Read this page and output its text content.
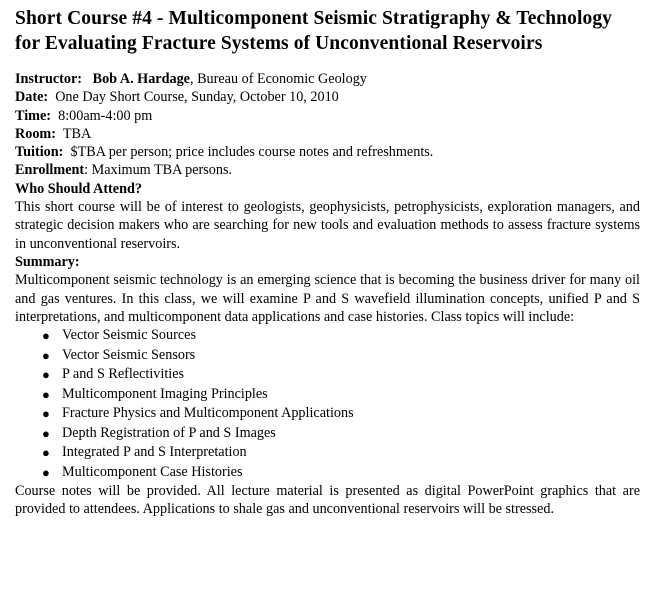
Short Course #4 - Multicomponent Seismic Stratigraphy & Technology for Evaluating Fracture Systems of Unconventional Reservoirs
Instructor: Bob A. Hardage, Bureau of Economic Geology
Date: One Day Short Course, Sunday, October 10, 2010
Time: 8:00am-4:00 pm
Room: TBA
Tuition: $TBA per person; price includes course notes and refreshments.
Enrollment: Maximum TBA persons.
Who Should Attend?

This short course will be of interest to geologists, geophysicists, petrophysicists, exploration managers, and strategic decision makers who are searching for new tools and evaluation methods to assess fracture systems in unconventional reservoirs.

Summary:

Multicomponent seismic technology is an emerging science that is becoming the business driver for many oil and gas ventures. In this class, we will examine P and S wavefield illumination concepts, unified P and S interpretations, and multicomponent data applications and case histories. Class topics will include:

● Vector Seismic Sources
● Vector Seismic Sensors
● P and S Reflectivities
● Multicomponent Imaging Principles
● Fracture Physics and Multicomponent Applications
● Depth Registration of P and S Images
● Integrated P and S Interpretation
● Multicomponent Case Histories

Course notes will be provided. All lecture material is presented as digital PowerPoint graphics that are provided to attendees. Applications to shale gas and unconventional reservoirs will be stressed.
